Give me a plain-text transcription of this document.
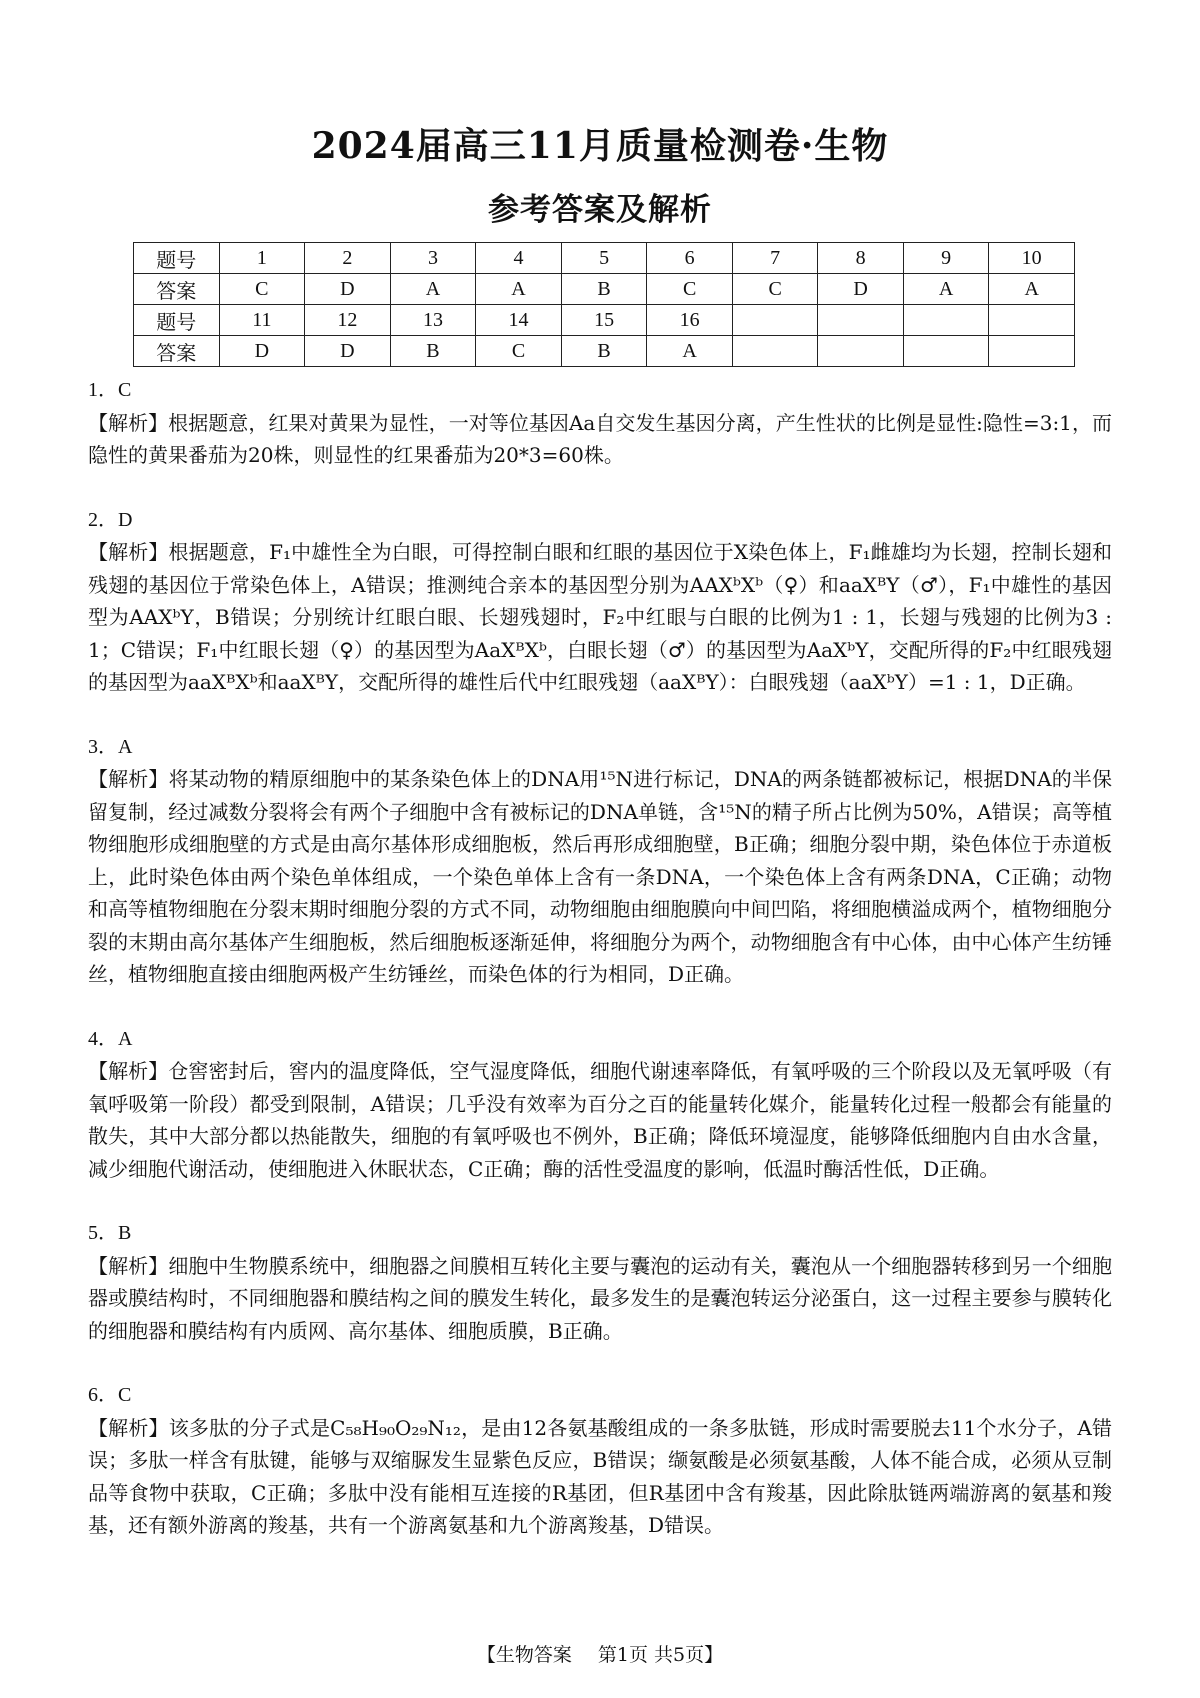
2024届高三11月质量检测卷·生物
参考答案及解析
题号	1	2	3	4	5	6	7	8	9	10
答案	C	D	A	A	B	C	C	D	A	A
题号	11	12	13	14	15	16				
答案	D	D	B	C	B	A				
1．C
【解析】根据题意，红果对黄果为显性，一对等位基因Aa自交发生基因分离，产生性状的比例是显性:隐性=3:1，而隐性的黄果番茄为20株，则显性的红果番茄为20*3=60株。
2．D
【解析】根据题意，F₁中雄性全为白眼，可得控制白眼和红眼的基因位于X染色体上，F₁雌雄均为长翅，控制长翅和残翅的基因位于常染色体上，A错误；推测纯合亲本的基因型分别为AAXᵇXᵇ（♀）和aaXᴮY（♂），F₁中雄性的基因型为AAXᵇY，B错误；分别统计红眼白眼、长翅残翅时，F₂中红眼与白眼的比例为1 : 1，长翅与残翅的比例为3 : 1；C错误；F₁中红眼长翅（♀）的基因型为AaXᴮXᵇ，白眼长翅（♂）的基因型为AaXᵇY，交配所得的F₂中红眼残翅的基因型为aaXᴮXᵇ和aaXᴮY，交配所得的雄性后代中红眼残翅（aaXᴮY）：白眼残翅（aaXᵇY）=1 : 1，D正确。
3．A
【解析】将某动物的精原细胞中的某条染色体上的DNA用¹⁵N进行标记，DNA的两条链都被标记，根据DNA的半保留复制，经过减数分裂将会有两个子细胞中含有被标记的DNA单链，含¹⁵N的精子所占比例为50%，A错误；高等植物细胞形成细胞壁的方式是由高尔基体形成细胞板，然后再形成细胞壁，B正确；细胞分裂中期，染色体位于赤道板上，此时染色体由两个染色单体组成，一个染色单体上含有一条DNA，一个染色体上含有两条DNA，C正确；动物和高等植物细胞在分裂末期时细胞分裂的方式不同，动物细胞由细胞膜向中间凹陷，将细胞横溢成两个，植物细胞分裂的末期由高尔基体产生细胞板，然后细胞板逐渐延伸，将细胞分为两个，动物细胞含有中心体，由中心体产生纺锤丝，植物细胞直接由细胞两极产生纺锤丝，而染色体的行为相同，D正确。
4．A
【解析】仓窖密封后，窖内的温度降低，空气湿度降低，细胞代谢速率降低，有氧呼吸的三个阶段以及无氧呼吸（有氧呼吸第一阶段）都受到限制，A错误；几乎没有效率为百分之百的能量转化媒介，能量转化过程一般都会有能量的散失，其中大部分都以热能散失，细胞的有氧呼吸也不例外，B正确；降低环境湿度，能够降低细胞内自由水含量，减少细胞代谢活动，使细胞进入休眠状态，C正确；酶的活性受温度的影响，低温时酶活性低，D正确。
5．B
【解析】细胞中生物膜系统中，细胞器之间膜相互转化主要与囊泡的运动有关，囊泡从一个细胞器转移到另一个细胞器或膜结构时，不同细胞器和膜结构之间的膜发生转化，最多发生的是囊泡转运分泌蛋白，这一过程主要参与膜转化的细胞器和膜结构有内质网、高尔基体、细胞质膜，B正确。
6．C
【解析】该多肽的分子式是C₅₈H₉₀O₂₉N₁₂，是由12各氨基酸组成的一条多肽链，形成时需要脱去11个水分子，A错误；多肽一样含有肽键，能够与双缩脲发生显紫色反应，B错误；缬氨酸是必须氨基酸，人体不能合成，必须从豆制品等食物中获取，C正确；多肽中没有能相互连接的R基团，但R基团中含有羧基，因此除肽链两端游离的氨基和羧基，还有额外游离的羧基，共有一个游离氨基和九个游离羧基，D错误。
【生物答案 第1页 共5页】
